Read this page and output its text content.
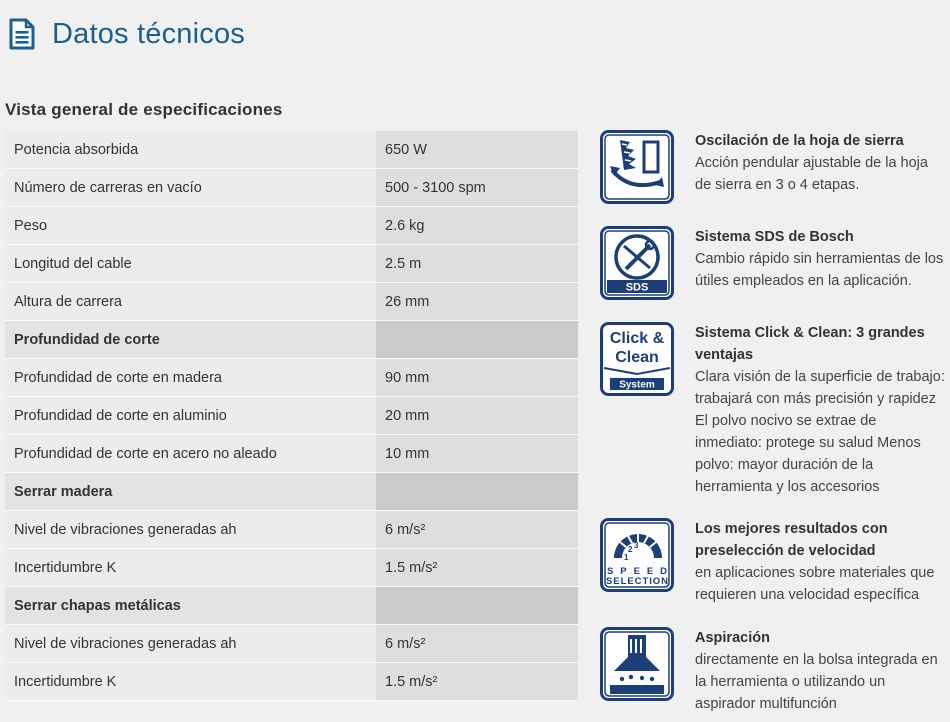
Datos técnicos
Vista general de especificaciones
Potencia absorbida	650 W
Número de carreras en vacío	500 - 3100 spm
Peso	2.6 kg
Longitud del cable	2.5 m
Altura de carrera	26 mm
Profundidad de corte	
Profundidad de corte en madera	90 mm
Profundidad de corte en aluminio	20 mm
Profundidad de corte en acero no aleado	10 mm
Serrar madera	
Nivel de vibraciones generadas ah	6 m/s²
Incertidumbre K	1.5 m/s²
Serrar chapas metálicas	
Nivel de vibraciones generadas ah	6 m/s²
Incertidumbre K	1.5 m/s²
Oscilación de la hoja de sierra
Acción pendular ajustable de la hoja de sierra en 3 o 4 etapas.
SDS
Sistema SDS de Bosch
Cambio rápido sin herramientas de los útiles empleados en la aplicación.
Click &
Clean
System
Sistema Click & Clean: 3 grandes ventajas
Clara visión de la superficie de trabajo: trabajará con más precisión y rapidez El polvo nocivo se extrae de inmediato: protege su salud Menos polvo: mayor duración de la herramienta y los accesorios
1
2 3
SPEED
SELECTION
Los mejores resultados con preselección de velocidad
en aplicaciones sobre materiales que requieren una velocidad específica
Aspiración
directamente en la bolsa integrada en la herramienta o utilizando un aspirador multifunción
